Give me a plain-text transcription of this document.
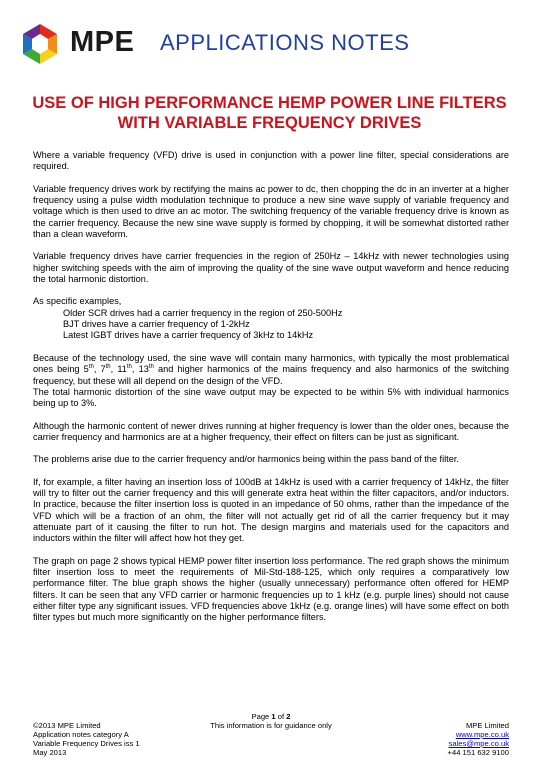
MPE APPLICATIONS NOTES
USE OF HIGH PERFORMANCE HEMP POWER LINE FILTERS
WITH VARIABLE FREQUENCY DRIVES

Where a variable frequency (VFD) drive is used in conjunction with a power line filter, special considerations are required.

Variable frequency drives work by rectifying the mains ac power to dc, then chopping the dc in an inverter at a higher frequency using a pulse width modulation technique to produce a new sine wave supply of variable frequency and voltage which is then used to drive an ac motor. The switching frequency of the variable frequency drive is known as the carrier frequency. Because the new sine wave supply is formed by chopping, it will be somewhat distorted rather than a clean waveform.

Variable frequency drives have carrier frequencies in the region of 250Hz – 14kHz with newer technologies using higher switching speeds with the aim of improving the quality of the sine wave output waveform and hence reducing the total harmonic distortion.

As specific examples,
Older SCR drives had a carrier frequency in the region of 250-500Hz
BJT drives have a carrier frequency of 1-2kHz
Latest IGBT drives have a carrier frequency of 3kHz to 14kHz

Because of the technology used, the sine wave will contain many harmonics, with typically the most problematical ones being 5th, 7th, 11th, 13th and higher harmonics of the mains frequency and also harmonics of the switching frequency, but these will all depend on the design of the VFD.

The total harmonic distortion of the sine wave output may be expected to be within 5% with individual harmonics being up to 3%.

Although the harmonic content of newer drives running at higher frequency is lower than the older ones, because the carrier frequency and harmonics are at a higher frequency, their effect on filters can be just as significant.

The problems arise due to the carrier frequency and/or harmonics being within the pass band of the filter.

If, for example, a filter having an insertion loss of 100dB at 14kHz is used with a carrier frequency of 14kHz, the filter will try to filter out the carrier frequency and this will generate extra heat within the filter capacitors, and/or inductors. In practice, because the filter insertion loss is quoted in an impedance of 50 ohms, rather than the impedance of the VFD which will be a fraction of an ohm, the filter will not actually get rid of all the carrier frequency but it may attenuate part of it causing the filter to run hot. The design margins and materials used for the capacitors and inductors within the filter will affect how hot they get.

The graph on page 2 shows typical HEMP power filter insertion loss performance. The red graph shows the minimum filter insertion loss to meet the requirements of Mil-Std-188-125, which only requires a comparatively low performance filter. The blue graph shows the higher (usually unnecessary) performance often offered for HEMP filters. It can be seen that any VFD carrier or harmonic frequencies up to 1 kHz (e.g. purple lines) should not cause either filter type any significant issues. VFD frequencies above 1kHz (e.g. orange lines) will have some effect on both filter types but much more significantly on the higher performance filters.

Page 1 of 2
©2013 MPE Limited	This information is for guidance only	MPE Limited
Application notes category A	www.mpe.co.uk
Variable Frequency Drives iss 1	sales@mpe.co.uk
May 2013	+44 151 632 9100
